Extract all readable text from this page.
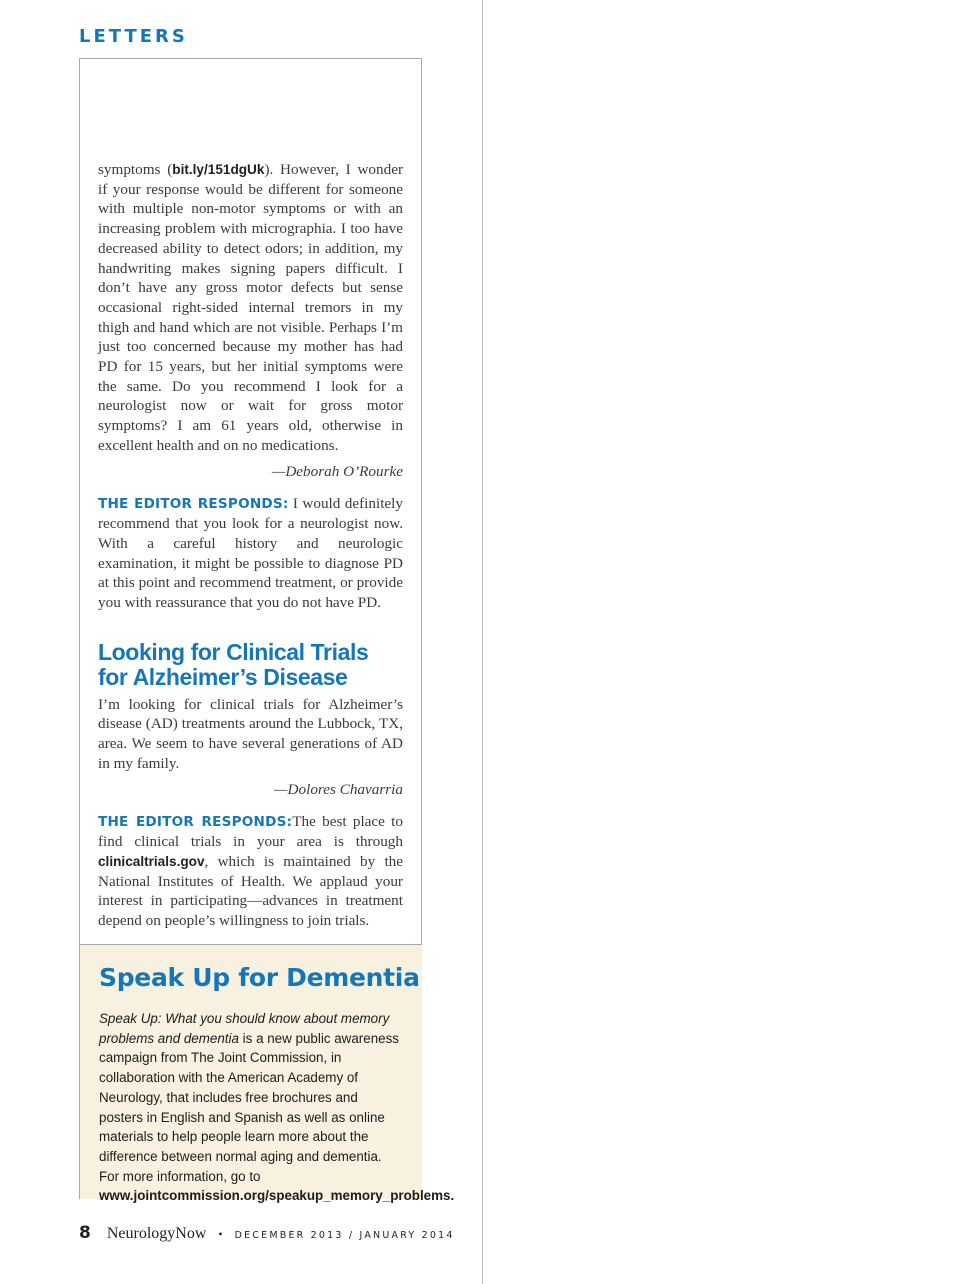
LETTERS

symptoms (bit.ly/151dgUk). However, I wonder if your response would be different for someone with multiple non-motor symptoms or with an increasing problem with micrographia. I too have decreased ability to detect odors; in addition, my handwriting makes signing papers difficult. I don’t have any gross motor defects but sense occasional right-sided internal tremors in my thigh and hand which are not visible. Perhaps I’m just too concerned because my mother has had PD for 15 years, but her initial symptoms were the same. Do you recommend I look for a neurologist now or wait for gross motor symptoms? I am 61 years old, otherwise in excellent health and on no medications.

—Deborah O’Rourke

THE EDITOR RESPONDS: I would definitely recommend that you look for a neurologist now. With a careful history and neurologic examination, it might be possible to diagnose PD at this point and recommend treatment, or provide you with reassurance that you do not have PD.

Looking for Clinical Trials for Alzheimer’s Disease

I’m looking for clinical trials for Alzheimer’s disease (AD) treatments around the Lubbock, TX, area. We seem to have several generations of AD in my family.

—Dolores Chavarria

THE EDITOR RESPONDS:The best place to find clinical trials in your area is through clinicaltrials.gov, which is maintained by the National Institutes of Health. We applaud your interest in participating—advances in treatment depend on people’s willingness to join trials.

Speak Up for Dementia

Speak Up: What you should know about memory problems and dementia is a new public awareness campaign from The Joint Commission, in collaboration with the American Academy of Neurology, that includes free brochures and posters in English and Spanish as well as online materials to help people learn more about the difference between normal aging and dementia. For more information, go to www.jointcommission.org/speakup_memory_problems.

8 NeurologyNow • DECEMBER 2013 / JANUARY 2014
